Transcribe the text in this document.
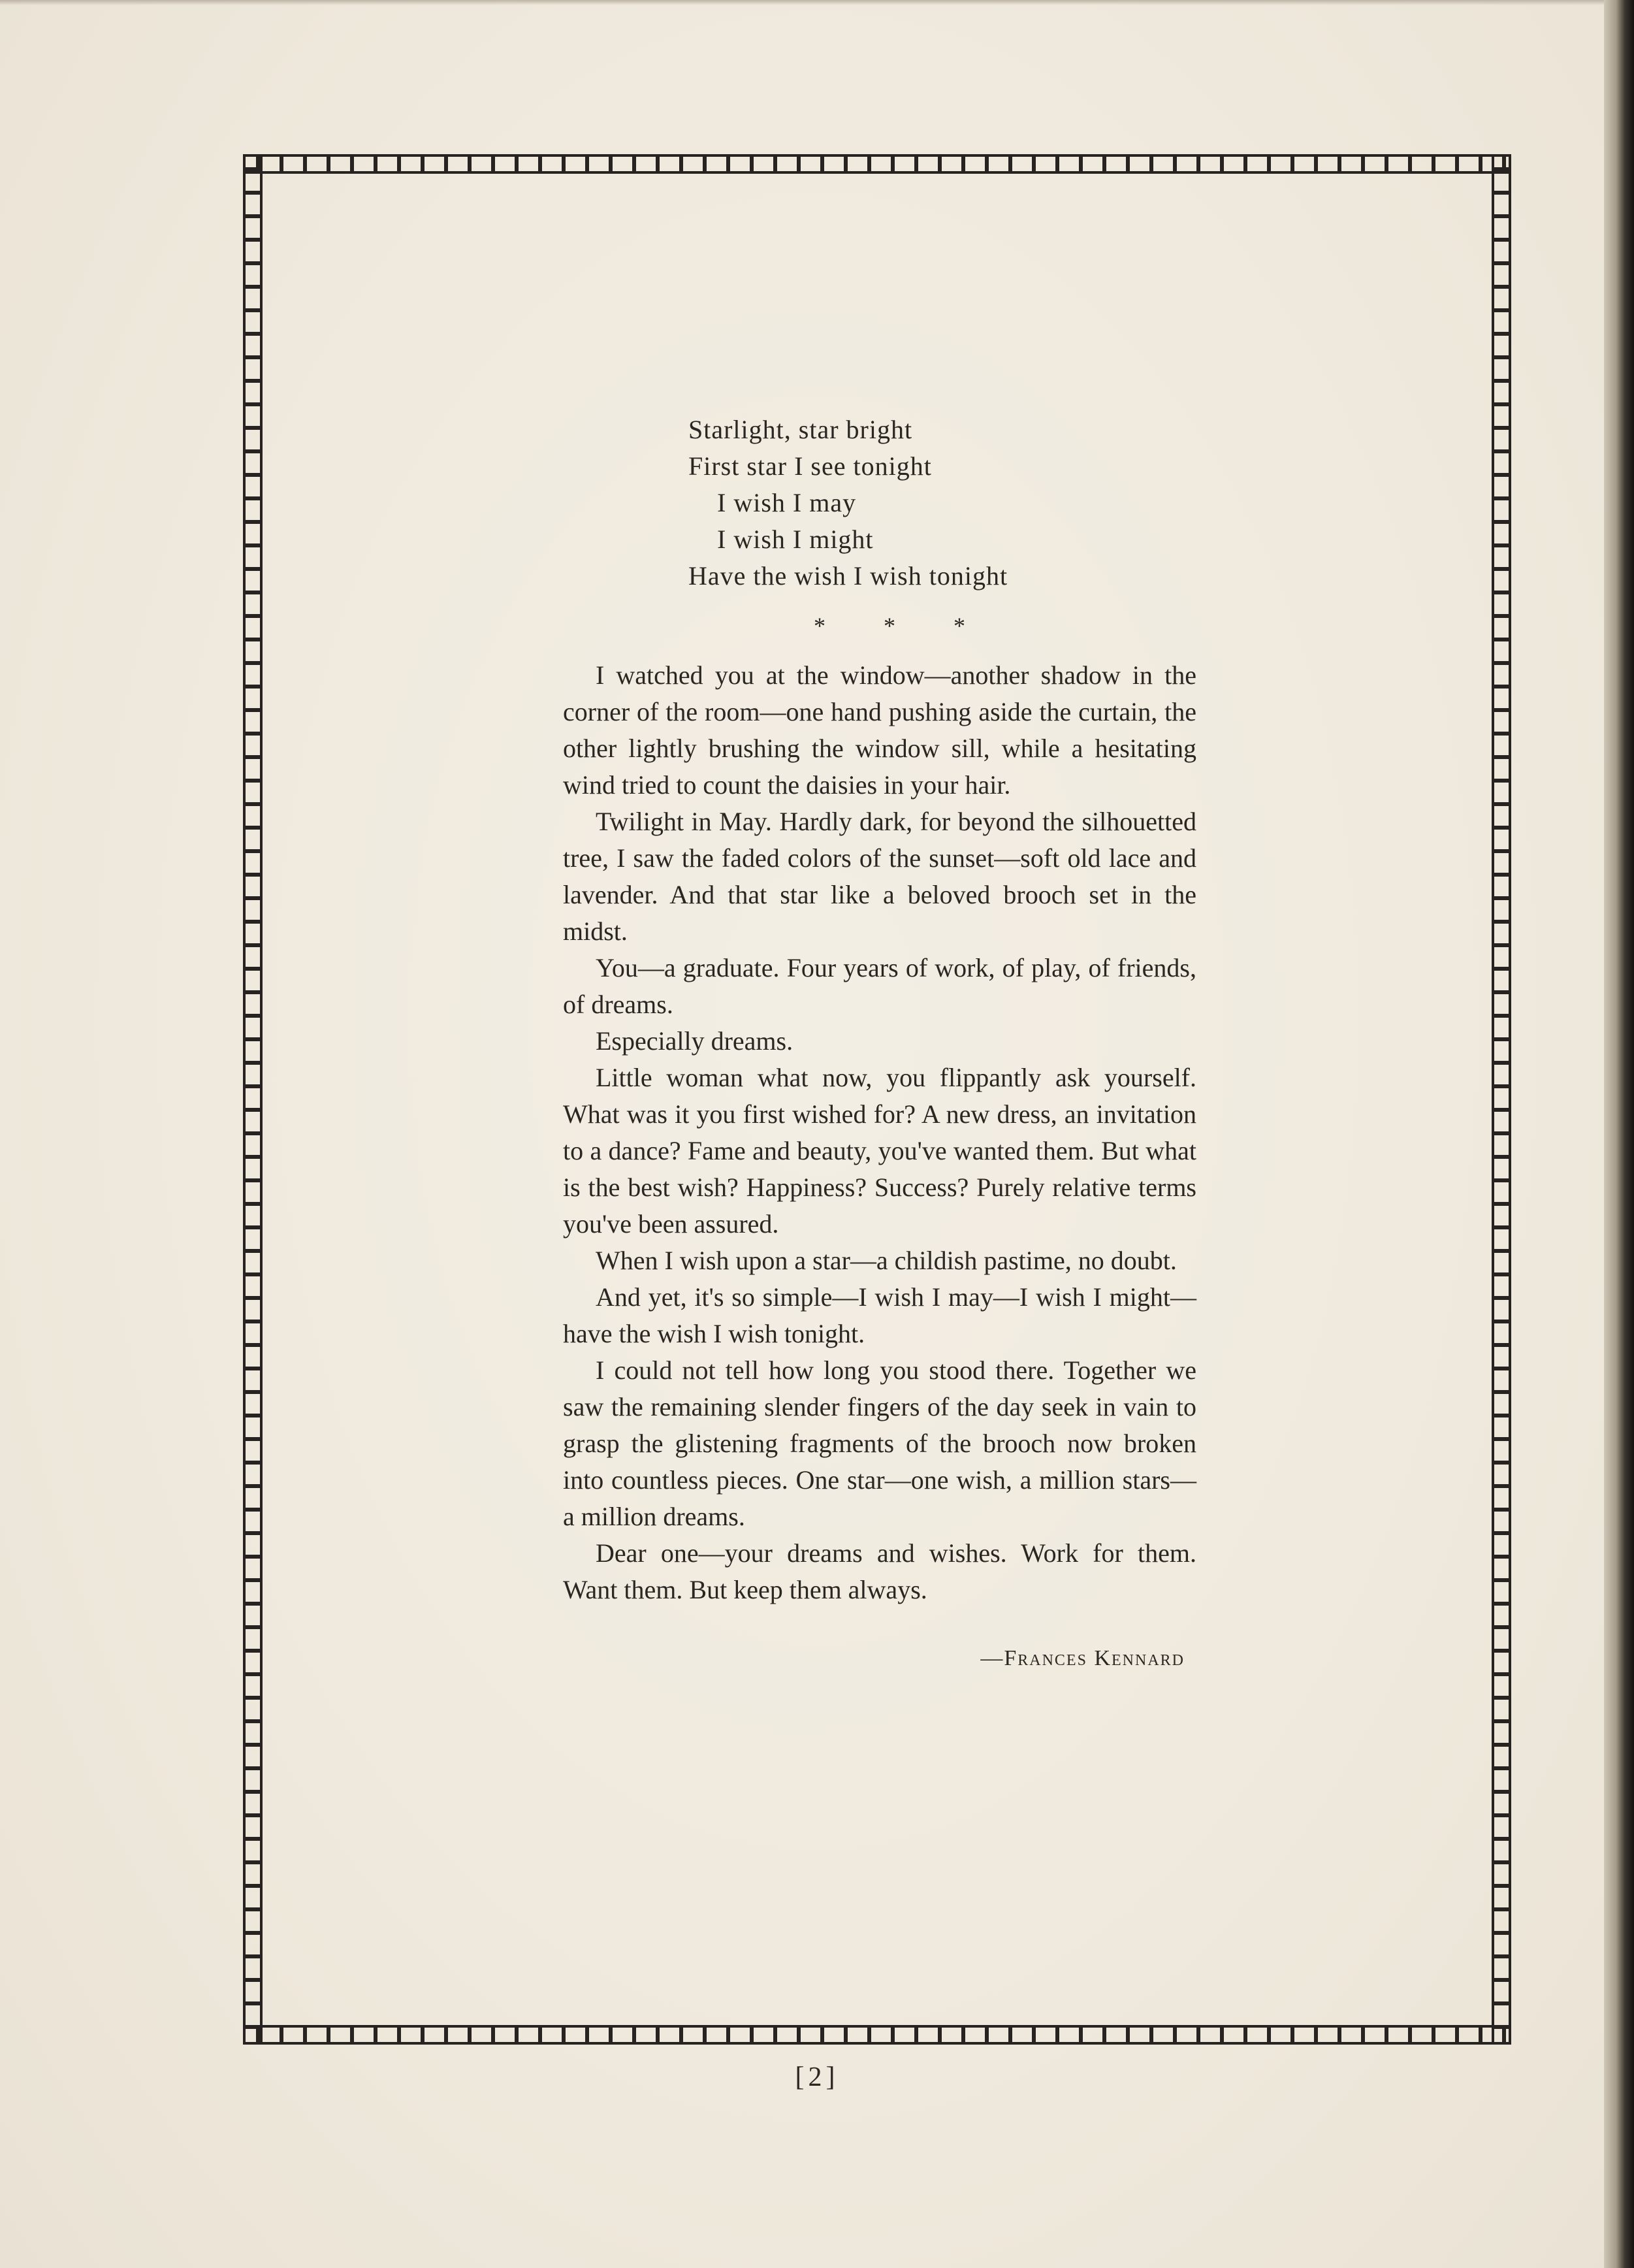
Starlight, star bright
First star I see tonight
I wish I may
I wish I might
Have the wish I wish tonight
* * *

I watched you at the window—another shadow in the corner of the room—one hand pushing aside the curtain, the other lightly brushing the window sill, while a hesitating wind tried to count the daisies in your hair.

Twilight in May. Hardly dark, for beyond the silhouetted tree, I saw the faded colors of the sunset—soft old lace and lavender. And that star like a beloved brooch set in the midst.

You—a graduate. Four years of work, of play, of friends, of dreams.

Especially dreams.

Little woman what now, you flippantly ask yourself. What was it you first wished for? A new dress, an invitation to a dance? Fame and beauty, you've wanted them. But what is the best wish? Happiness? Success? Purely relative terms you've been assured.

When I wish upon a star—a childish pastime, no doubt.

And yet, it's so simple—I wish I may—I wish I might—have the wish I wish tonight.

I could not tell how long you stood there. Together we saw the remaining slender fingers of the day seek in vain to grasp the glistening fragments of the brooch now broken into countless pieces. One star—one wish, a million stars—a million dreams.

Dear one—your dreams and wishes. Work for them. Want them. But keep them always.

—Frances Kennard
[2]
